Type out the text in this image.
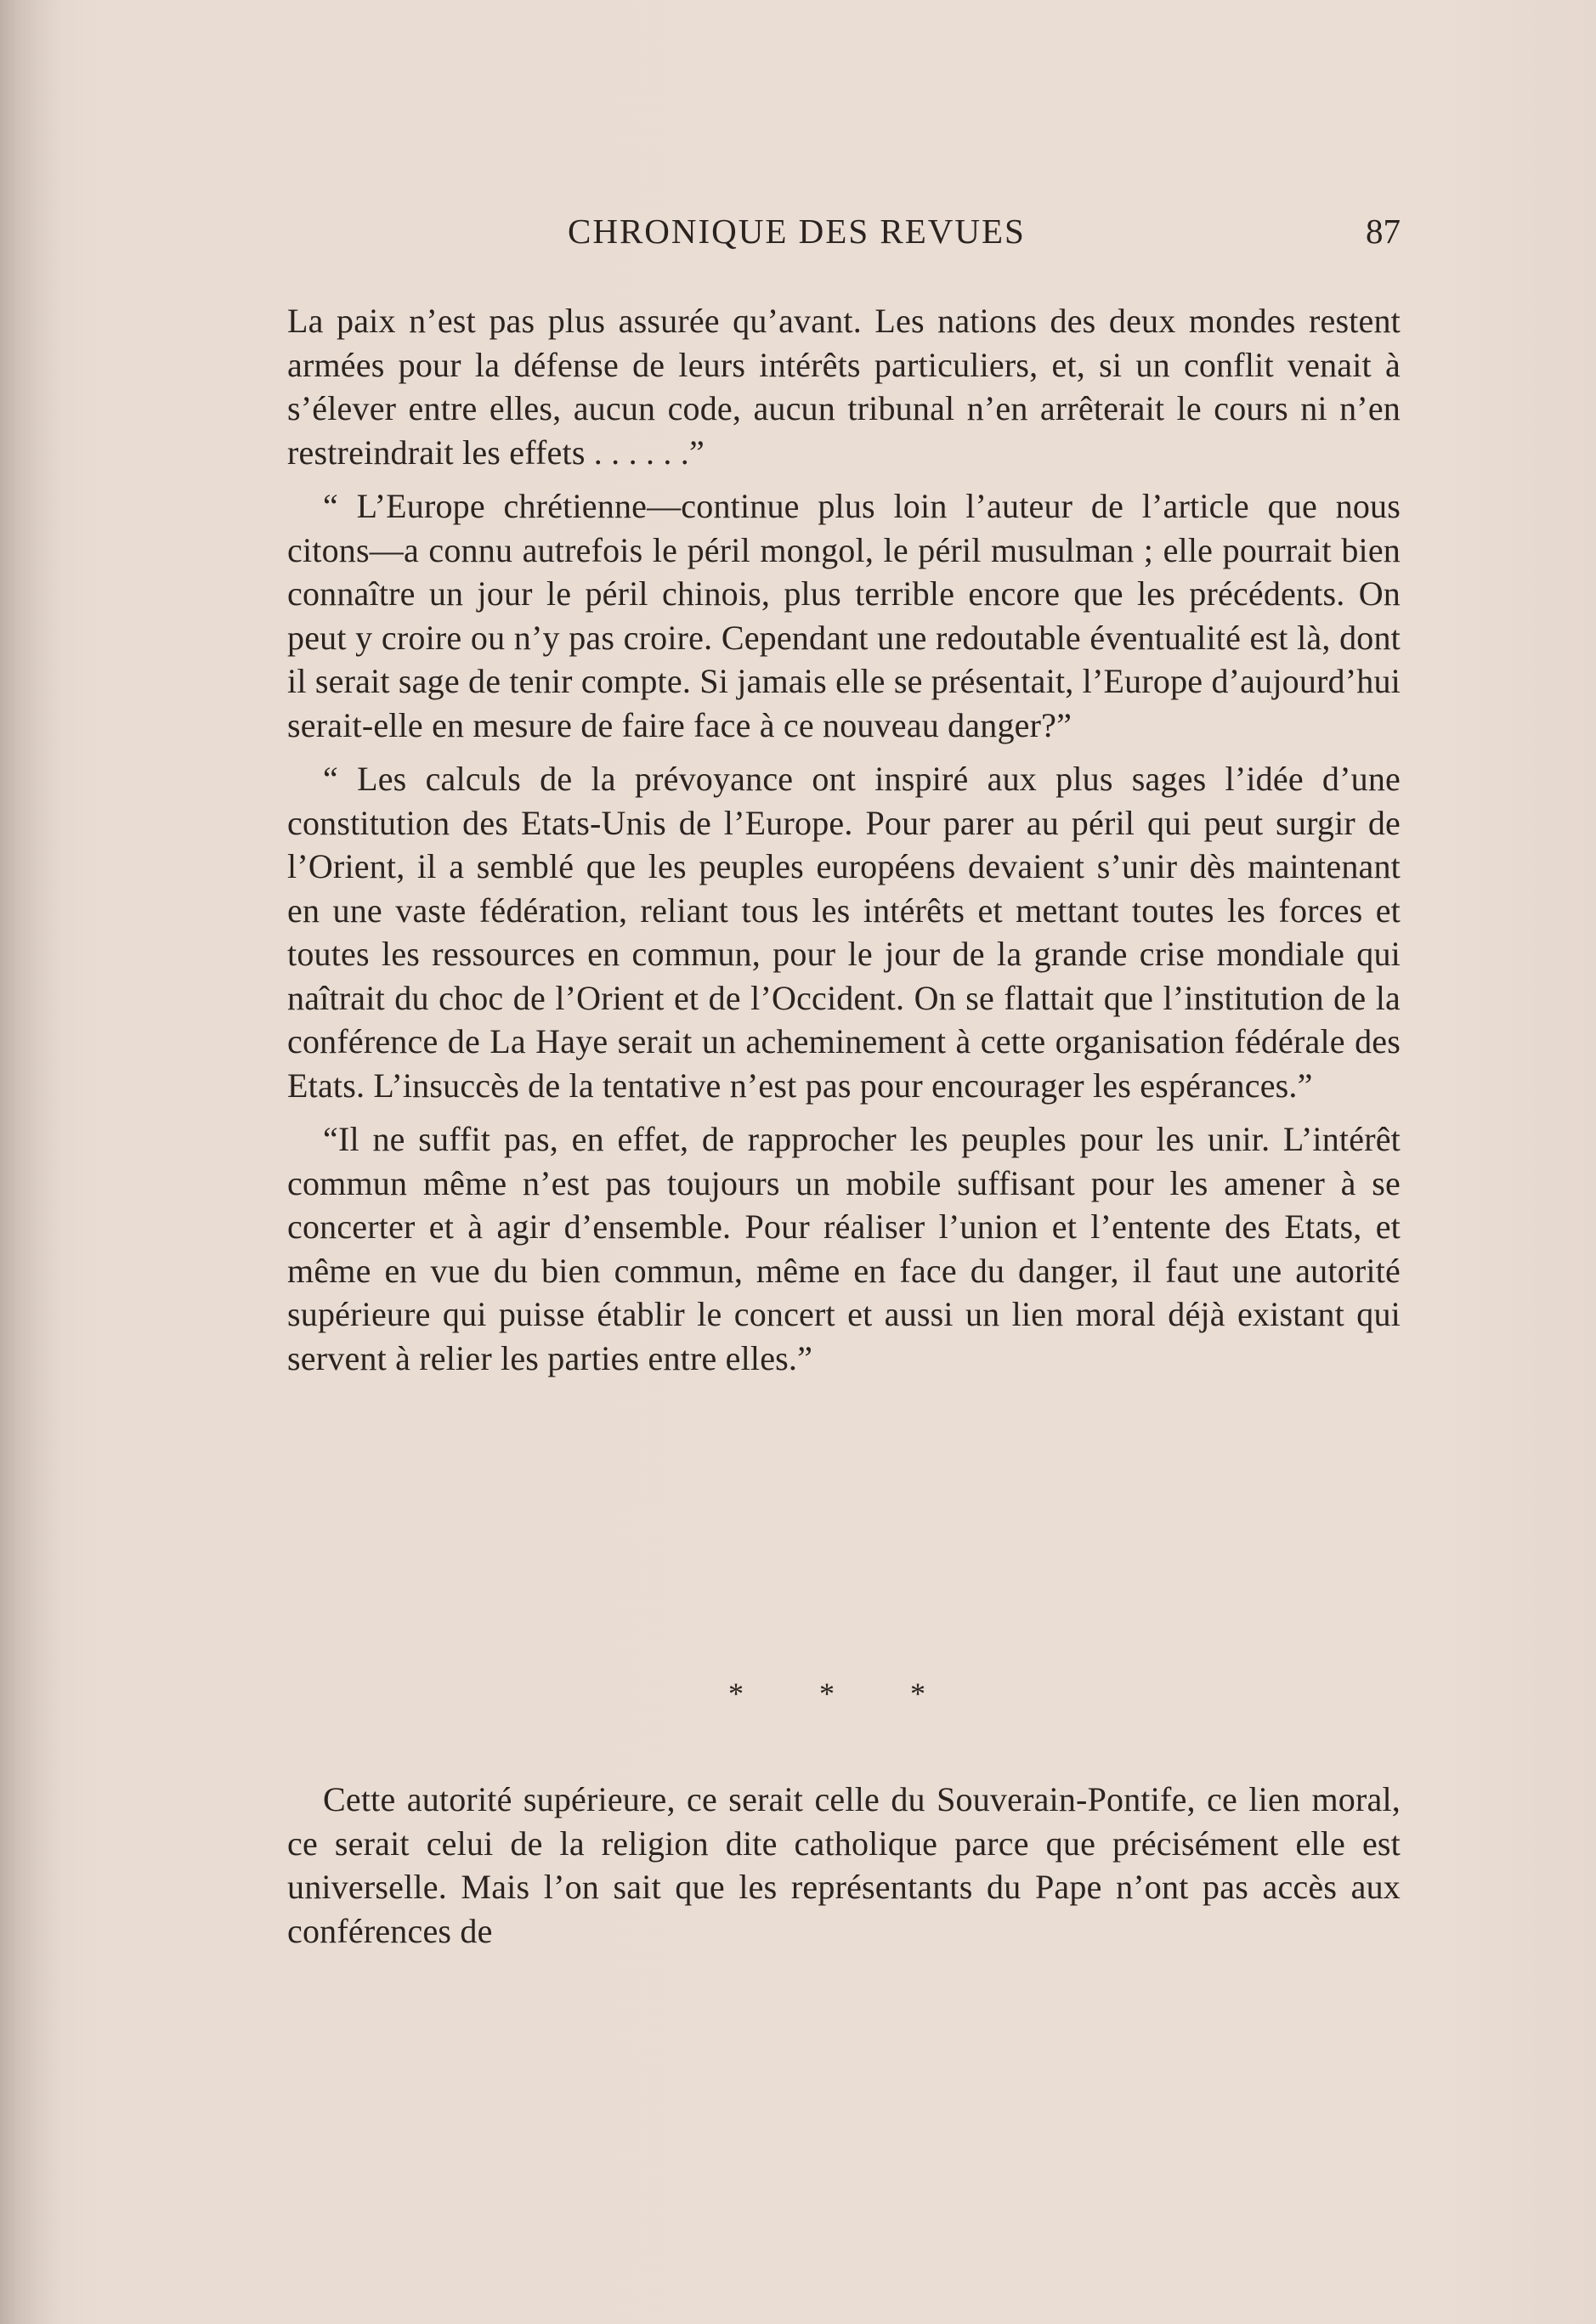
CHRONIQUE DES REVUES	87

La paix n’est pas plus assurée qu’avant. Les nations des deux mondes restent armées pour la défense de leurs intérêts particuliers, et, si un conflit venait à s’élever entre elles, aucun code, aucun tribunal n’en arrêterait le cours ni n’en restreindrait les effets . . . . . .”

“ L’Europe chrétienne—continue plus loin l’auteur de l’article que nous citons—a connu autrefois le péril mongol, le péril musulman ; elle pourrait bien connaître un jour le péril chinois, plus terrible encore que les précédents. On peut y croire ou n’y pas croire. Cependant une redoutable éventualité est là, dont il serait sage de tenir compte. Si jamais elle se présentait, l’Europe d’aujourd’hui serait-elle en mesure de faire face à ce nouveau danger?”

“ Les calculs de la prévoyance ont inspiré aux plus sages l’idée d’une constitution des Etats-Unis de l’Europe. Pour parer au péril qui peut surgir de l’Orient, il a semblé que les peuples européens devaient s’unir dès maintenant en une vaste fédération, reliant tous les intérêts et mettant toutes les forces et toutes les ressources en commun, pour le jour de la grande crise mondiale qui naîtrait du choc de l’Orient et de l’Occident. On se flattait que l’institution de la conférence de La Haye serait un acheminement à cette organisation fédérale des Etats. L’insuccès de la tentative n’est pas pour encourager les espérances.”

“Il ne suffit pas, en effet, de rapprocher les peuples pour les unir. L’intérêt commun même n’est pas toujours un mobile suffisant pour les amener à se concerter et à agir d’ensemble. Pour réaliser l’union et l’entente des Etats, et même en vue du bien commun, même en face du danger, il faut une autorité supérieure qui puisse établir le concert et aussi un lien moral déjà existant qui servent à relier les parties entre elles.”

* * *

Cette autorité supérieure, ce serait celle du Souverain-Pontife, ce lien moral, ce serait celui de la religion dite catholique parce que précisément elle est universelle. Mais l’on sait que les représentants du Pape n’ont pas accès aux conférences de
